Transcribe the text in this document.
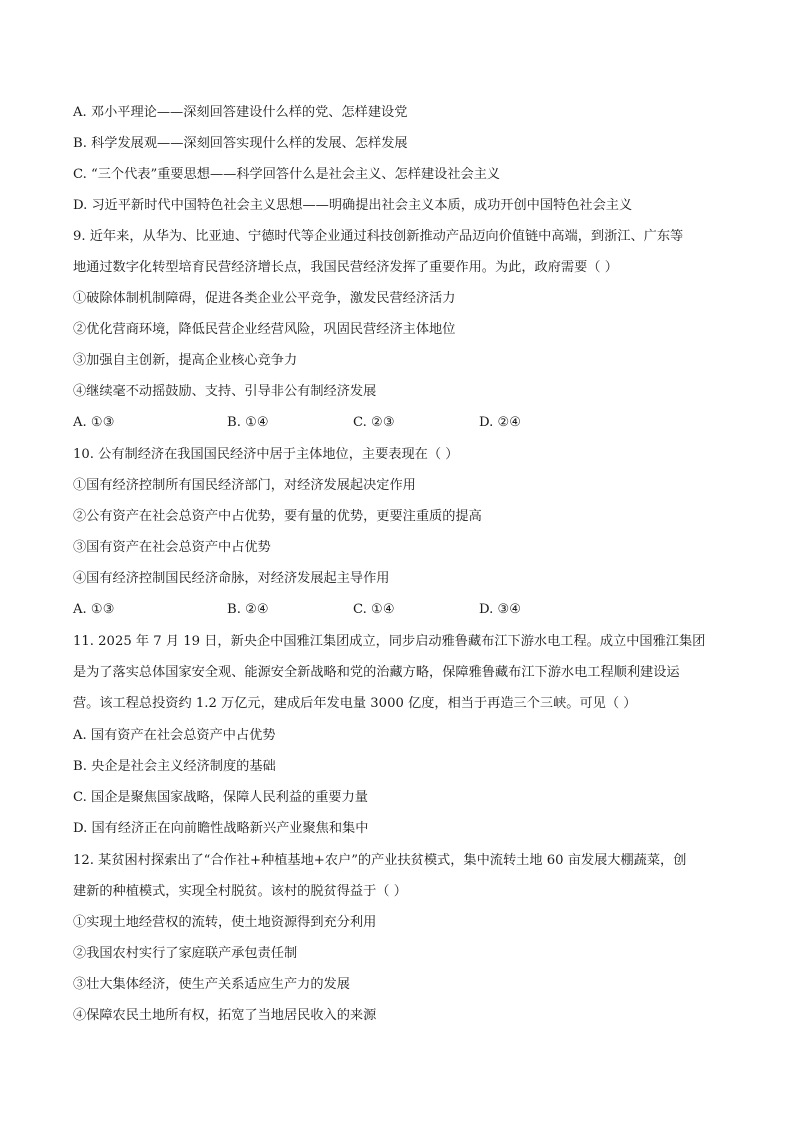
A. 邓小平理论——深刻回答建设什么样的党、怎样建设党
B. 科学发展观——深刻回答实现什么样的发展、怎样发展
C. “三个代表”重要思想——科学回答什么是社会主义、怎样建设社会主义
D. 习近平新时代中国特色社会主义思想——明确提出社会主义本质，成功开创中国特色社会主义
9. 近年来，从华为、比亚迪、宁德时代等企业通过科技创新推动产品迈向价值链中高端，到浙江、广东等
地通过数字化转型培育民营经济增长点，我国民营经济发挥了重要作用。为此，政府需要（ ）
①破除体制机制障碍，促进各类企业公平竞争，激发民营经济活力
②优化营商环境，降低民营企业经营风险，巩固民营经济主体地位
③加强自主创新，提高企业核心竞争力
④继续毫不动摇鼓励、支持、引导非公有制经济发展
A. ①③	B. ①④	C. ②③	D. ②④
10. 公有制经济在我国国民经济中居于主体地位，主要表现在（ ）
①国有经济控制所有国民经济部门，对经济发展起决定作用
②公有资产在社会总资产中占优势，要有量的优势，更要注重质的提高
③国有资产在社会总资产中占优势
④国有经济控制国民经济命脉，对经济发展起主导作用
A. ①③	B. ②④	C. ①④	D. ③④
11. 2025 年 7 月 19 日，新央企中国雅江集团成立，同步启动雅鲁藏布江下游水电工程。成立中国雅江集团
是为了落实总体国家安全观、能源安全新战略和党的治藏方略，保障雅鲁藏布江下游水电工程顺利建设运
营。该工程总投资约 1.2 万亿元，建成后年发电量 3000 亿度，相当于再造三个三峡。可见（ ）
A. 国有资产在社会总资产中占优势
B. 央企是社会主义经济制度的基础
C. 国企是聚焦国家战略，保障人民利益的重要力量
D. 国有经济正在向前瞻性战略新兴产业聚焦和集中
12. 某贫困村探索出了“合作社+种植基地+农户”的产业扶贫模式，集中流转土地 60 亩发展大棚蔬菜，创
建新的种植模式，实现全村脱贫。该村的脱贫得益于（ ）
①实现土地经营权的流转，使土地资源得到充分利用
②我国农村实行了家庭联产承包责任制
③壮大集体经济，使生产关系适应生产力的发展
④保障农民土地所有权，拓宽了当地居民收入的来源
